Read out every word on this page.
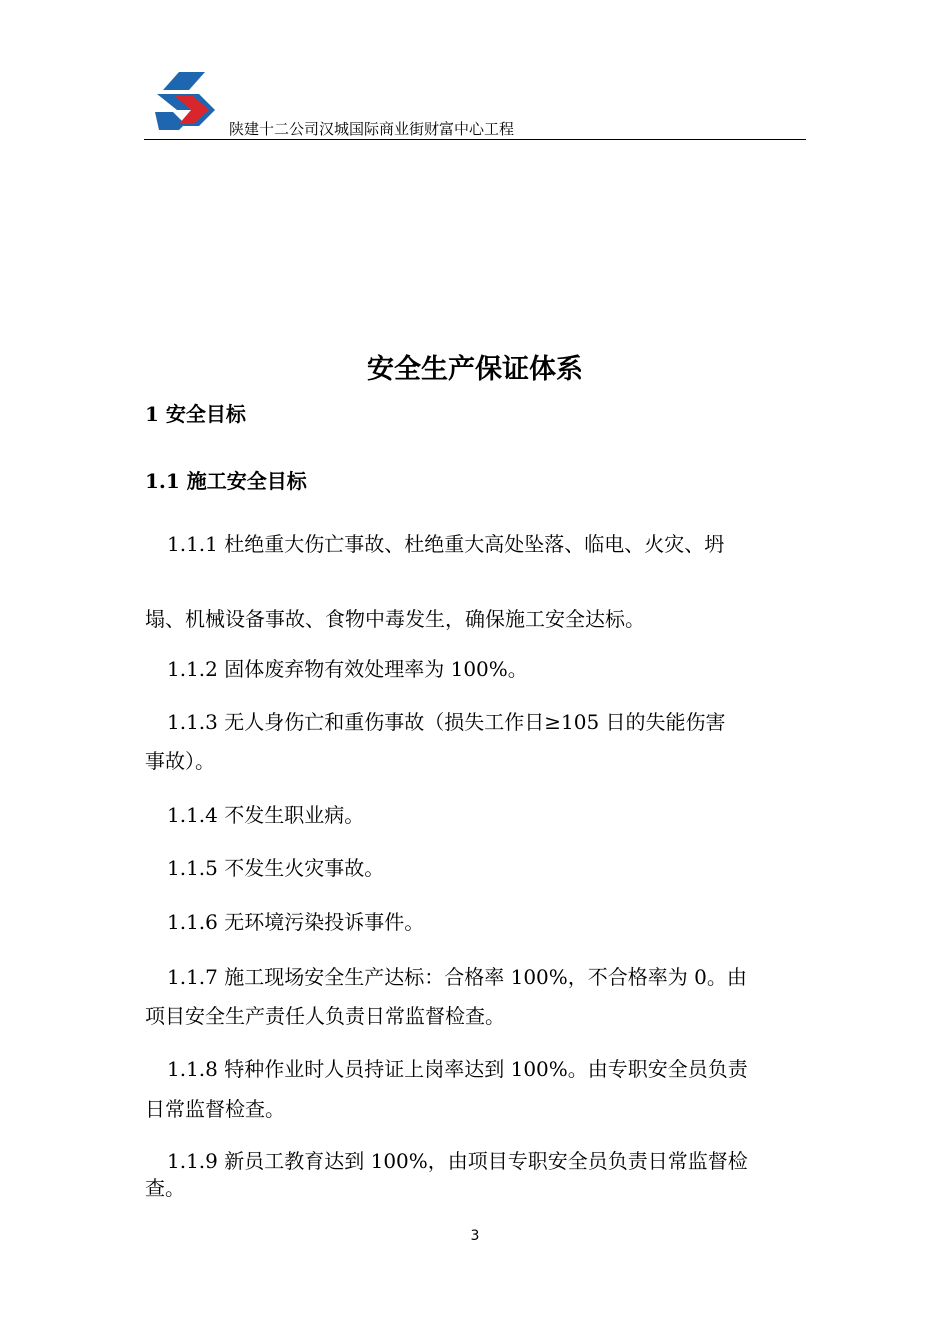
陕建十二公司汉城国际商业街财富中心工程
安全生产保证体系
1 安全目标
1.1 施工安全目标
1.1.1 杜绝重大伤亡事故、杜绝重大高处坠落、临电、火灾、坍
塌、机械设备事故、食物中毒发生，确保施工安全达标。
1.1.2 固体废弃物有效处理率为 100%。
1.1.3 无人身伤亡和重伤事故（损失工作日≥105 日的失能伤害
事故）。
1.1.4 不发生职业病。
1.1.5 不发生火灾事故。
1.1.6 无环境污染投诉事件。
1.1.7 施工现场安全生产达标：合格率 100%，不合格率为 0。由
项目安全生产责任人负责日常监督检查。
1.1.8 特种作业时人员持证上岗率达到 100%。由专职安全员负责
日常监督检查。
1.1.9 新员工教育达到 100%，由项目专职安全员负责日常监督检
查。
3
